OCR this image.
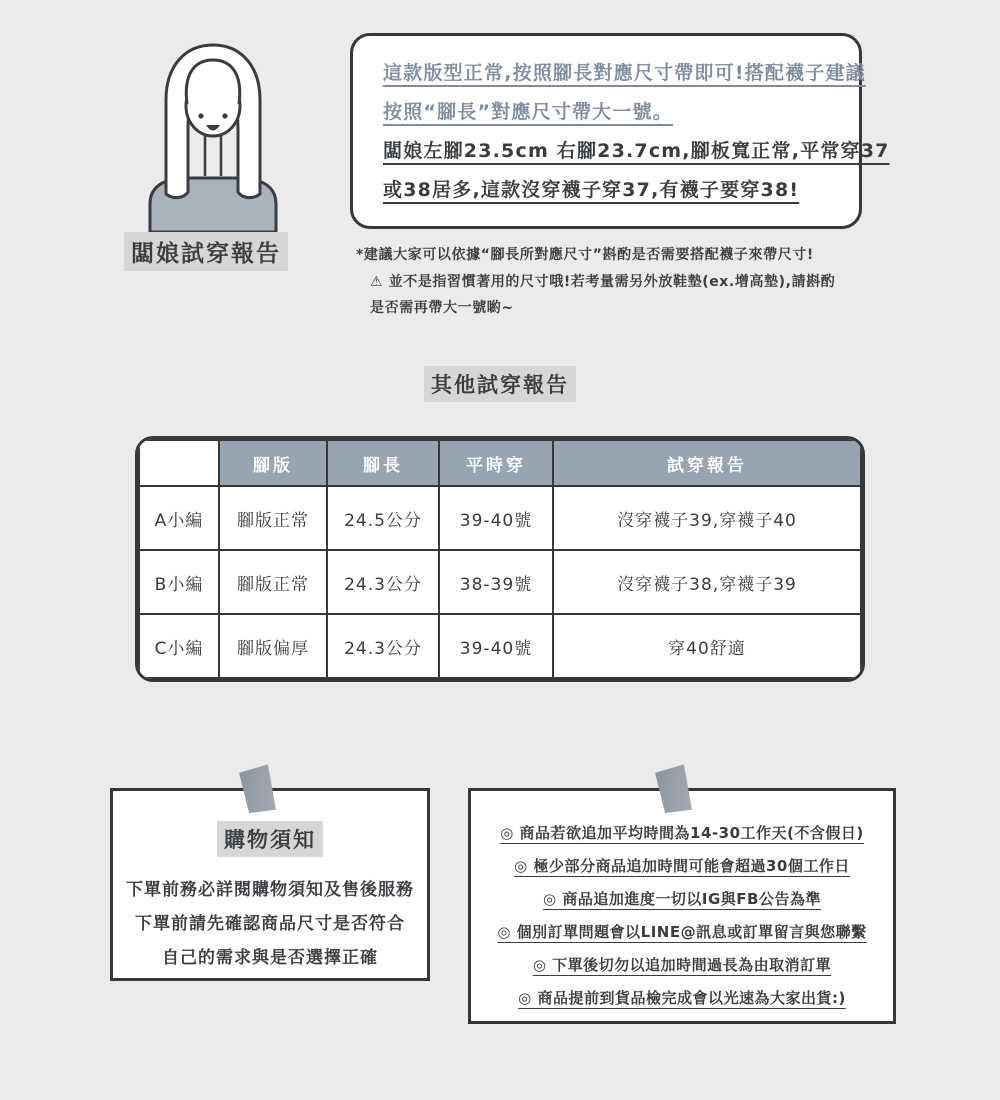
闆娘試穿報告
這款版型正常,按照腳長對應尺寸帶即可!搭配襪子建議
按照“腳長”對應尺寸帶大一號。
闆娘左腳23.5cm 右腳23.7cm,腳板寬正常,平常穿37
或38居多,這款沒穿襪子穿37,有襪子要穿38!
*建議大家可以依據“腳長所對應尺寸”斟酌是否需要搭配襪子來帶尺寸!
⚠ 並不是指習慣著用的尺寸哦!若考量需另外放鞋墊(ex.增高墊),請斟酌
是否需再帶大一號喲~
其他試穿報告
	腳版	腳長	平時穿	試穿報告
A小編	腳版正常	24.5公分	39-40號	沒穿襪子39,穿襪子40
B小編	腳版正常	24.3公分	38-39號	沒穿襪子38,穿襪子39
C小編	腳版偏厚	24.3公分	39-40號	穿40舒適
購物須知
下單前務必詳閱購物須知及售後服務
下單前請先確認商品尺寸是否符合
自己的需求與是否選擇正確
◎ 商品若欲追加平均時間為14-30工作天(不含假日)
◎ 極少部分商品追加時間可能會超過30個工作日
◎ 商品追加進度一切以IG與FB公告為準
◎ 個別訂單問題會以LINE@訊息或訂單留言與您聯繫
◎ 下單後切勿以追加時間過長為由取消訂單
◎ 商品提前到貨品檢完成會以光速為大家出貨:)
